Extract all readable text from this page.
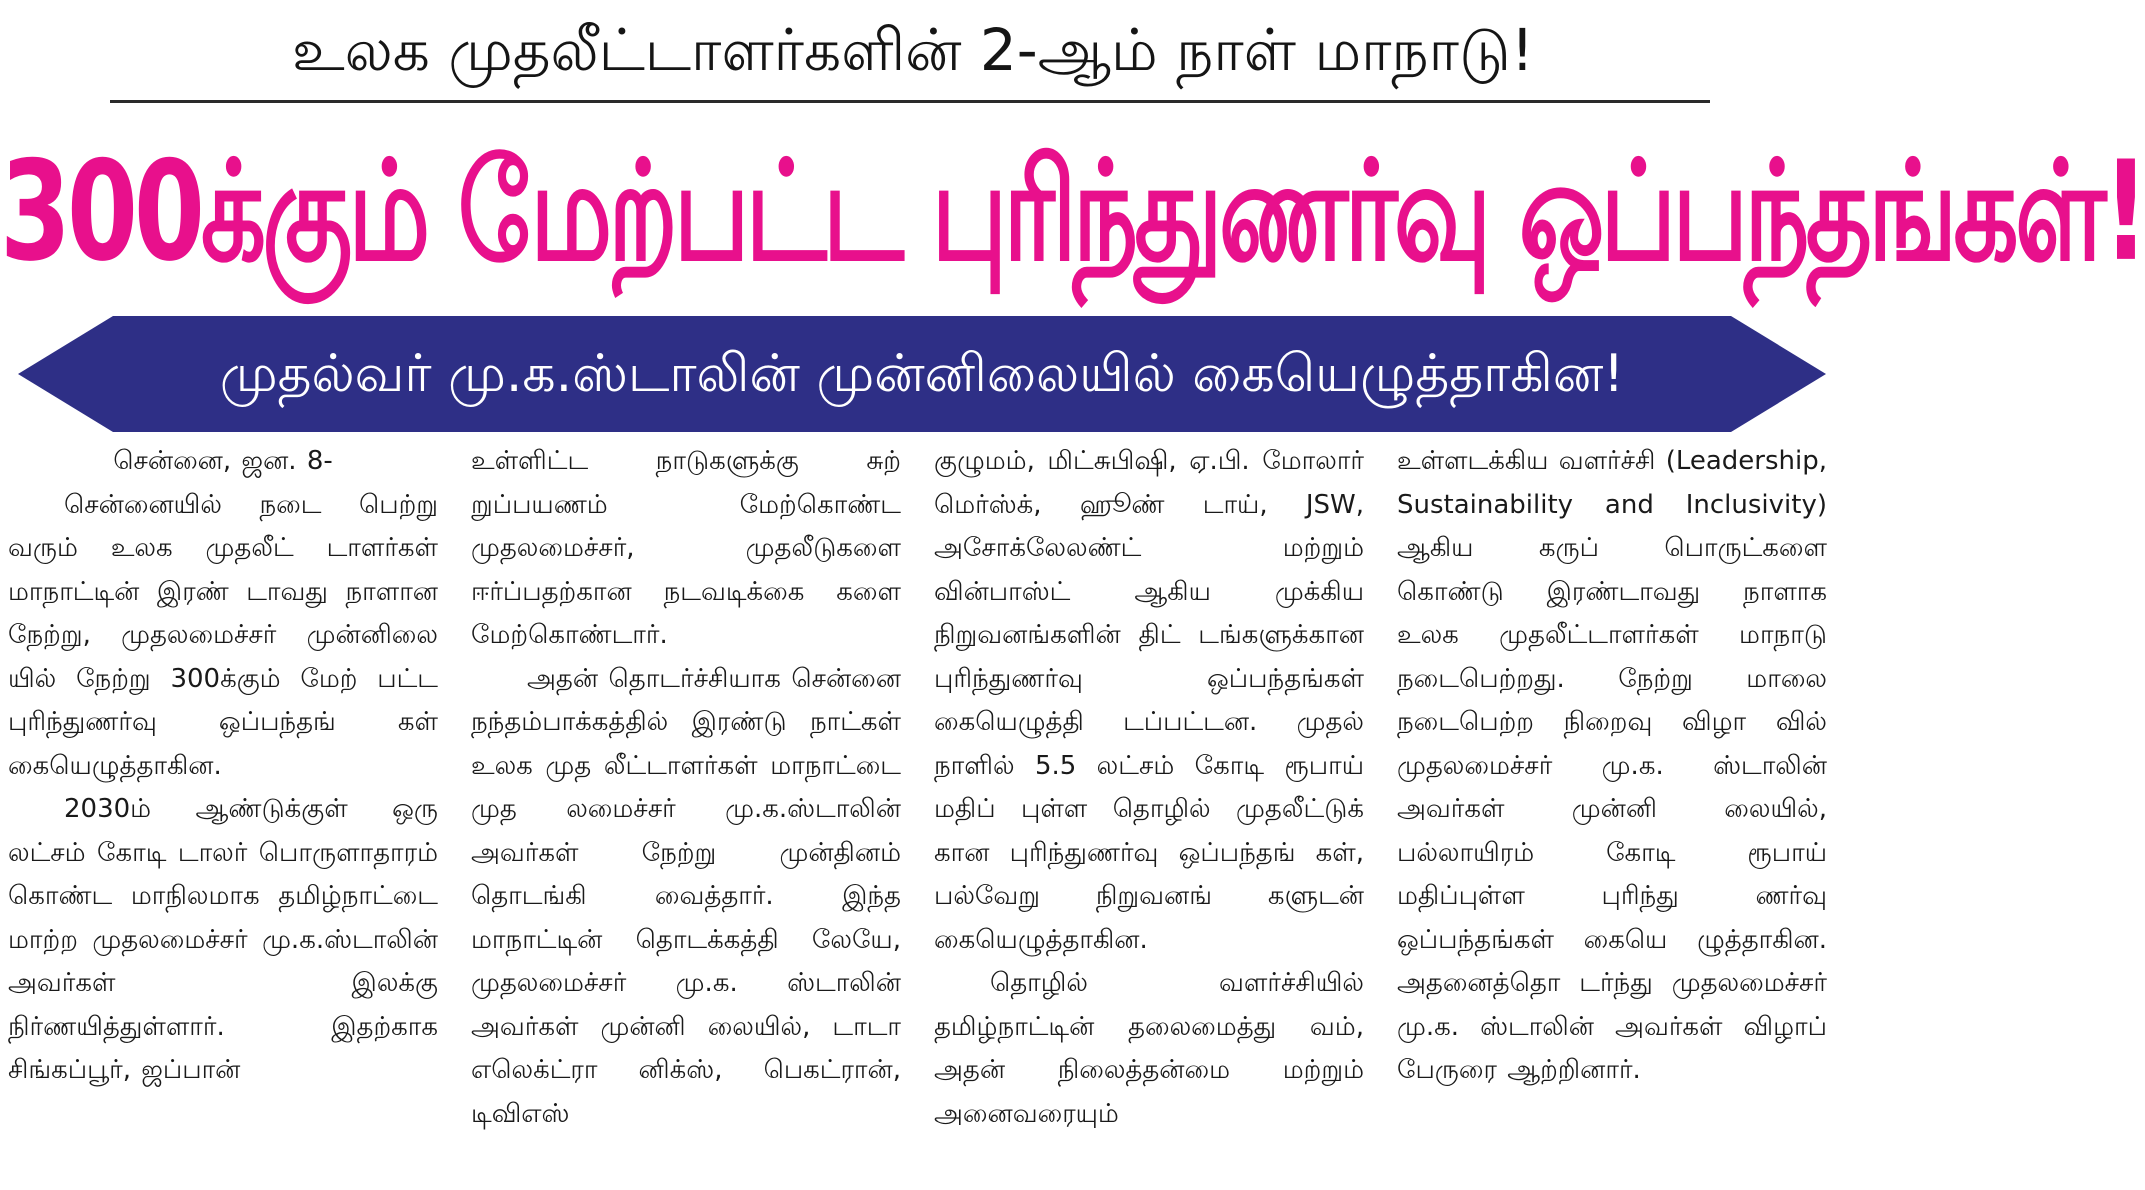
உலக முதலீட்டாளர்களின் 2-ஆம் நாள் மாநாடு!
300க்கும் மேற்பட்ட புரிந்துணர்வு ஒப்பந்தங்கள்!
முதல்வர் மு.க.ஸ்டாலின் முன்னிலையில் கையெழுத்தாகின!

சென்னை, ஜன. 8-

சென்னையில் நடை பெற்று வரும் உலக முதலீட் டாளர்கள் மாநாட்டின் இரண் டாவது நாளான நேற்று, முதலமைச்சர் முன்னிலை யில் நேற்று 300க்கும் மேற் பட்ட புரிந்துணர்வு ஒப்பந்தங் கள் கையெழுத்தாகின.

2030ம் ஆண்டுக்குள் ஒரு லட்சம் கோடி டாலர் பொருளாதாரம் கொண்ட மாநிலமாக தமிழ்நாட்டை மாற்ற முதலமைச்சர் மு.க.ஸ்டாலின் அவர்கள் இலக்கு நிர்ணயித்துள்ளார். இதற்காக சிங்கப்பூர், ஜப்பான்

உள்ளிட்ட நாடுகளுக்கு சுற் றுப்பயணம் மேற்கொண்ட முதலமைச்சர், முதலீடுகளை ஈர்ப்பதற்கான நடவடிக்கை களை மேற்கொண்டார்.

அதன் தொடர்ச்சியாக சென்னை நந்தம்பாக்கத்தில் இரண்டு நாட்கள் உலக முத லீட்டாளர்கள் மாநாட்டை முத லமைச்சர் மு.க.ஸ்டாலின் அவர்கள் நேற்று முன்தினம் தொடங்கி வைத்தார். இந்த மாநாட்டின் தொடக்கத்தி லேயே, முதலமைச்சர் மு.க. ஸ்டாலின் அவர்கள் முன்னி லையில், டாடா எலெக்ட்ரா னிக்ஸ், பெகட்ரான், டிவிஎஸ்

குழுமம், மிட்சுபிஷி, ஏ.பி. மோலார் மெர்ஸ்க், ஹூண் டாய், JSW, அசோக்லேலண்ட் மற்றும் வின்பாஸ்ட் ஆகிய முக்கிய நிறுவனங்களின் திட் டங்களுக்கான புரிந்துணர்வு ஒப்பந்தங்கள் கையெழுத்தி டப்பட்டன. முதல் நாளில் 5.5 லட்சம் கோடி ரூபாய் மதிப் புள்ள தொழில் முதலீட்டுக் கான புரிந்துணர்வு ஒப்பந்தங் கள், பல்வேறு நிறுவனங் களுடன் கையெழுத்தாகின.

தொழில் வளர்ச்சியில் தமிழ்நாட்டின் தலைமைத்து வம், அதன் நிலைத்தன்மை மற்றும் அனைவரையும்

உள்ளடக்கிய வளர்ச்சி (Leadership, Sustainability and Inclusivity) ஆகிய கருப் பொருட்களை கொண்டு இரண்டாவது நாளாக உலக முதலீட்டாளர்கள் மாநாடு நடைபெற்றது. நேற்று மாலை நடைபெற்ற நிறைவு விழா வில் முதலமைச்சர் மு.க. ஸ்டாலின் அவர்கள் முன்னி லையில், பல்லாயிரம் கோடி ரூபாய் மதிப்புள்ள புரிந்து ணர்வு ஒப்பந்தங்கள் கையெ ழுத்தாகின. அதனைத்தொ டர்ந்து முதலமைச்சர் மு.க. ஸ்டாலின் அவர்கள் விழாப் பேருரை ஆற்றினார்.
